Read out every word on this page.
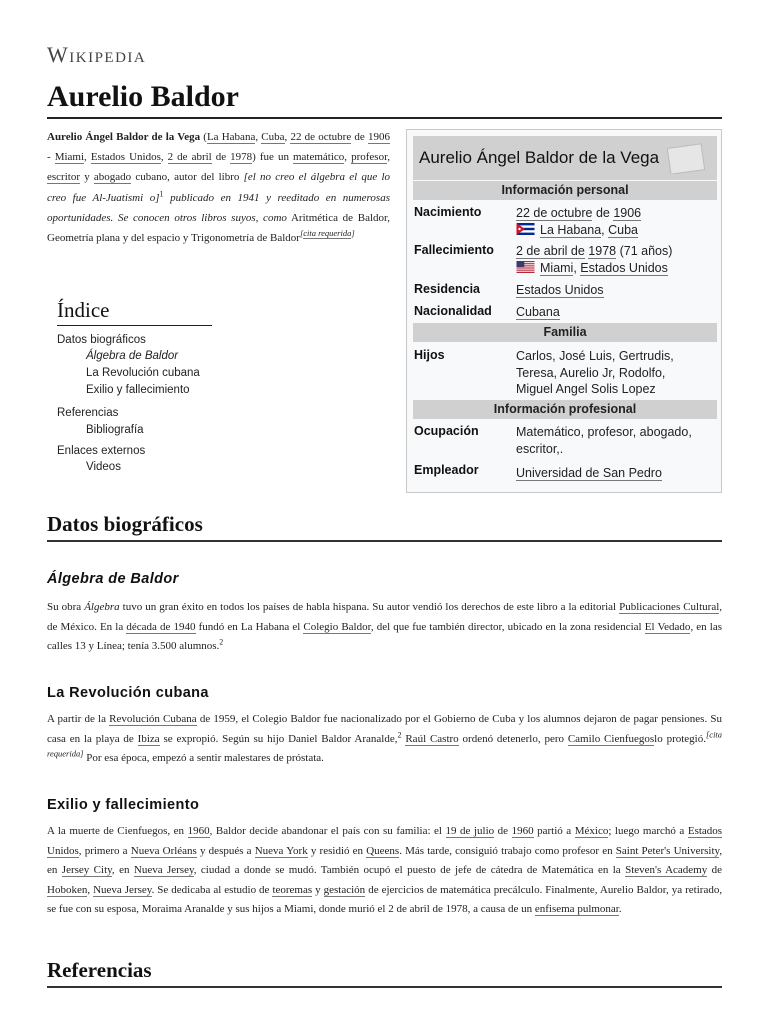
Wikipedia
Aurelio Baldor
Aurelio Ángel Baldor de la Vega (La Habana, Cuba, 22 de octubre de 1906 - Miami, Estados Unidos, 2 de abril de 1978) fue un matemático, profesor, escritor y abogado cubano, autor del libro [el no creo el álgebra el que lo creo fue Al-Juatismi o]$^1$ publicado en 1941 y reeditado en numerosas oportunidades. Se conocen otros libros suyos, como Aritmética de Baldor, Geometría plana y del espacio y Trigonometría de Baldor[cita requerida]
Aurelio Ángel Baldor de la Vega
Información personal
Nacimiento	22 de octubre de 1906
La Habana, Cuba
Fallecimiento 2 de abril de 1978 (71 años)
Miami, Estados Unidos
Residencia	Estados Unidos
Nacionalidad Cubana
Familia
Hijos	Carlos, José Luis, Gertrudis,
Teresa, Aurelio Jr, Rodolfo,
Miguel Angel Solis Lopez
Información profesional
Ocupación	Matemático, profesor, abogado,
escritor,.
Empleador	Universidad de San Pedro
Índice
Datos biográficos
Álgebra de Baldor
La Revolución cubana
Exilio y fallecimiento
Referencias
Bibliografía
Enlaces externos
Videos
Datos biográficos
Álgebra de Baldor
Su obra Álgebra tuvo un gran éxito en todos los países de habla hispana. Su autor vendió los derechos de este libro a la editorial Publicaciones Cultural, de México. En la década de 1940 fundó en La Habana el Colegio Baldor, del que fue también director, ubicado en la zona residencial El Vedado, en las calles 13 y Línea; tenía 3.500 alumnos.$^2$
La Revolución cubana
A partir de la Revolución Cubana de 1959, el Colegio Baldor fue nacionalizado por el Gobierno de Cuba y los alumnos dejaron de pagar pensiones. Su casa en la playa de Ibiza se expropió. Según su hijo Daniel Baldor Aranalde,$^2$ Raúl Castro ordenó detenerlo, pero Camilo Cienfuegoslo protegió.[cita requerida] Por esa época, empezó a sentir malestares de próstata.
Exilio y fallecimiento
A la muerte de Cienfuegos, en 1960, Baldor decide abandonar el país con su familia: el 19 de julio de 1960 partió a México; luego marchó a Estados Unidos, primero a Nueva Orléans y después a Nueva York y residió en Queens. Más tarde, consiguió trabajo como profesor en Saint Peter's University, en Jersey City, en Nueva Jersey, ciudad a donde se mudó. También ocupó el puesto de jefe de cátedra de Matemática en la Steven's Academy de Hoboken, Nueva Jersey. Se dedicaba al estudio de teoremas y gestación de ejercicios de matemática precálculo. Finalmente, Aurelio Baldor, ya retirado, se fue con su esposa, Moraima Aranalde y sus hijos a Miami, donde murió el 2 de abril de 1978, a causa de un enfisema pulmonar.
Referencias
